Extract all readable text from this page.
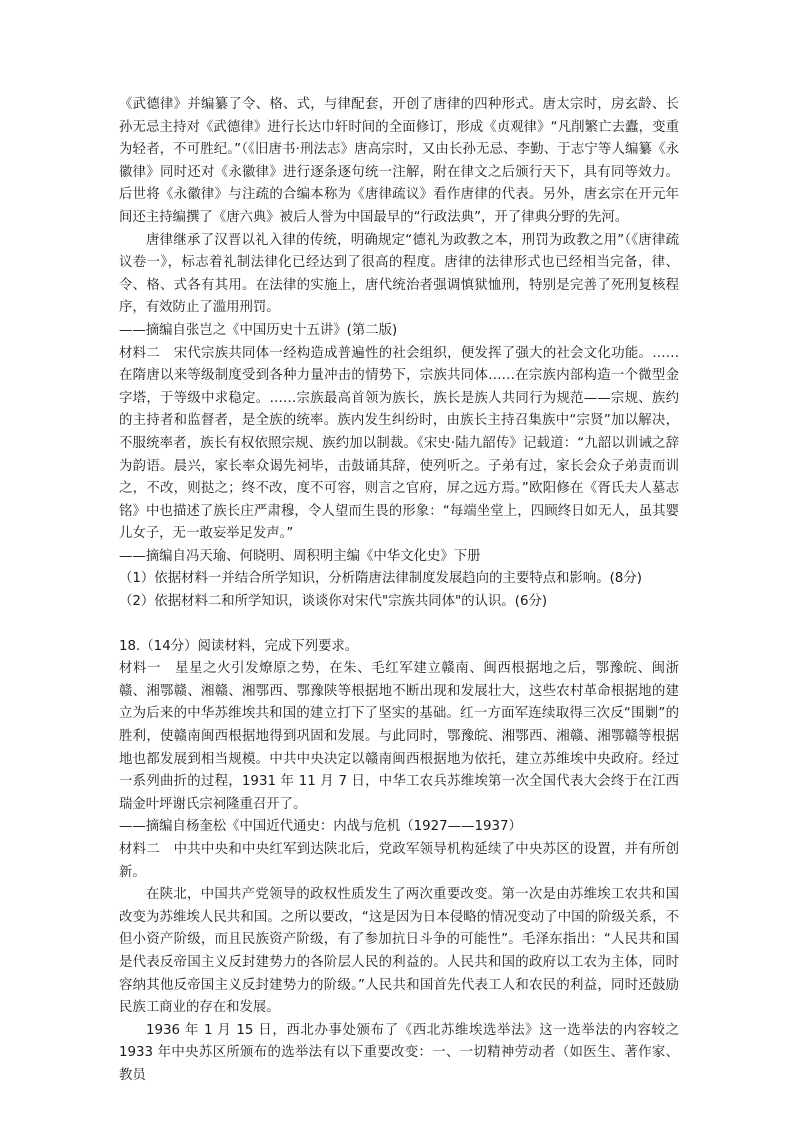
《武德律》并编纂了令、格、式，与律配套，开创了唐律的四种形式。唐太宗时，房玄龄、长孙无忌主持对《武德律》进行长达巾轩时间的全面修订，形成《贞观律》“凡削繁亡去蠹，变重为轻者，不可胜纪。”（《旧唐书·刑法志》唐高宗时，又由长孙无忌、李勤、于志宁等人编纂《永徽律》同时还对《永徽律》进行逐条逐句统一注解，附在律文之后颁行天下，具有同等效力。后世将《永徽律》与注疏的合编本称为《唐律疏议》看作唐律的代表。另外，唐玄宗在开元年间还主持编撰了《唐六典》被后人誉为中国最早的“行政法典”，开了律典分野的先河。

唐律继承了汉晋以礼入律的传统，明确规定“德礼为政教之本，刑罚为政教之用”（《唐律疏议卷一》，标志着礼制法律化已经达到了很高的程度。唐律的法律形式也已经相当完备，律、令、格、式各有其用。在法律的实施上，唐代统治者强调慎狱恤刑，特别是完善了死刑复核程序，有效防止了滥用刑罚。

——摘编自张岂之《中国历史十五讲》(第二版)

材料二　宋代宗族共同体一经构造成普遍性的社会组织，便发挥了强大的社会文化功能。……在隋唐以来等级制度受到各种力量冲击的情势下，宗族共同体……在宗族内部构造一个微型金字塔，于等级中求稳定。……宗族最高首领为族长，族长是族人共同行为规范——宗规、族约的主持者和监督者，是全族的统率。族内发生纠纷时，由族长主持召集族中“宗贤”加以解决，不服统率者，族长有权依照宗规、族约加以制裁。《宋史·陆九韶传》记载道：“九韶以训诫之辞为韵语。晨兴，家长率众谒先祠毕，击鼓诵其辞，使列听之。子弟有过，家长会众子弟责而训之，不改，则挞之；终不改，度不可容，则言之官府，屏之远方焉。”欧阳修在《胥氏夫人墓志铭》中也描述了族长庄严肃穆，令人望而生畏的形象：“每端坐堂上，四顾终日如无人，虽其婴儿女子，无一敢妄举足发声。”

——摘编自冯天瑜、何晓明、周积明主编《中华文化史》下册

（1）依据材料一并结合所学知识，分析隋唐法律制度发展趋向的主要特点和影响。(8分)

（2）依据材料二和所学知识，谈谈你对宋代"宗族共同体"的认识。(6分)

18.（14分）阅读材料，完成下列要求。

材料一　星星之火引发燎原之势，在朱、毛红军建立赣南、闽西根据地之后，鄂豫皖、闽浙赣、湘鄂赣、湘赣、湘鄂西、鄂豫陕等根据地不断出现和发展壮大，这些农村革命根据地的建立为后来的中华苏维埃共和国的建立打下了坚实的基础。红一方面军连续取得三次反“围剿”的胜利，使赣南闽西根据地得到巩固和发展。与此同时，鄂豫皖、湘鄂西、湘赣、湘鄂赣等根据地也都发展到相当规模。中共中央决定以赣南闽西根据地为依托，建立苏维埃中央政府。经过一系列曲折的过程，1931 年 11 月 7 日，中华工农兵苏维埃第一次全国代表大会终于在江西瑞金叶坪谢氏宗祠隆重召开了。

——摘编自杨奎松《中国近代通史：内战与危机（1927——1937）

材料二　中共中央和中央红军到达陕北后，党政军领导机构延续了中央苏区的设置，并有所创新。

在陕北，中国共产党领导的政权性质发生了两次重要改变。第一次是由苏维埃工农共和国改变为苏维埃人民共和国。之所以要改，“这是因为日本侵略的情况变动了中国的阶级关系，不但小资产阶级，而且民族资产阶级，有了参加抗日斗争的可能性”。毛泽东指出：“人民共和国是代表反帝国主义反封建势力的各阶层人民的利益的。人民共和国的政府以工农为主体，同时容纳其他反帝国主义反封建势力的阶级。”人民共和国首先代表工人和农民的利益，同时还鼓励民族工商业的存在和发展。

1936 年 1 月 15 日，西北办事处颁布了《西北苏维埃选举法》这一选举法的内容较之 1933 年中央苏区所颁布的选举法有以下重要改变：一、一切精神劳动者（如医生、著作家、教员
